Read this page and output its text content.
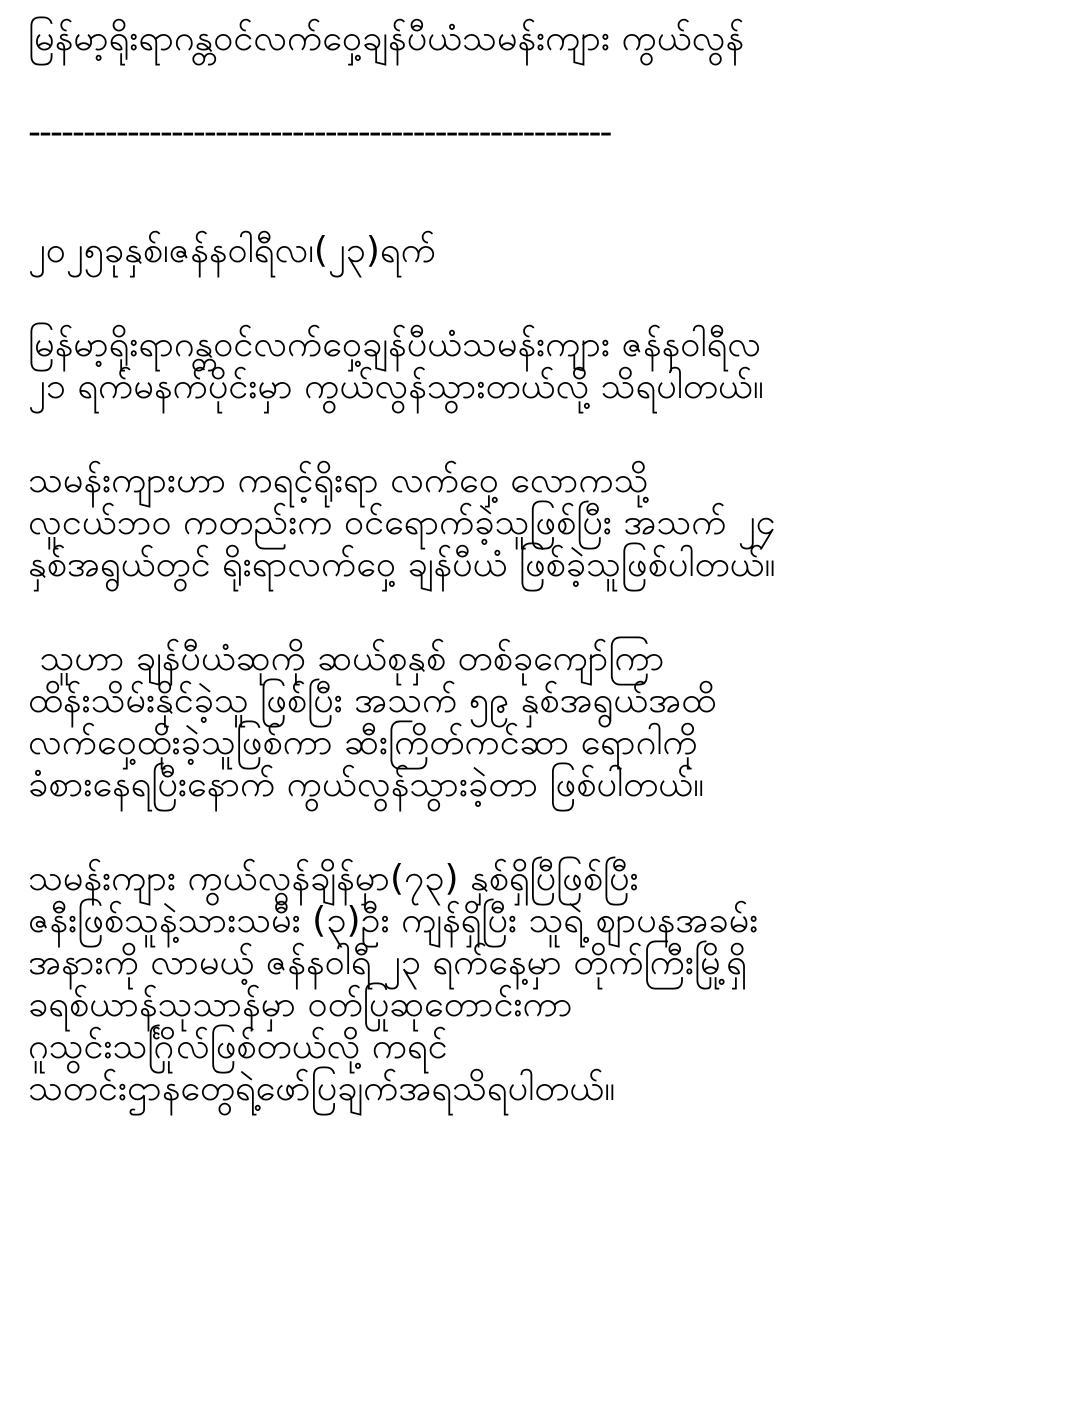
မြန်မာ့ရိုးရာဂန္တဝင်လက်ဝှေ့ချန်ပီယံသမန်းကျား ကွယ်လွန်
-----------------------------------------------------
၂၀၂၅ခုနှစ်၊ဇန်နဝါရီလ၊(၂၃)ရက်
မြန်မာ့ရိုးရာဂန္တဝင်လက်ဝှေ့ချန်ပီယံသမန်းကျား ဇန်နဝါရီလ
၂၁ ရက်မနက်ပိုင်းမှာ ကွယ်လွန်သွားတယ်လို့ သိရပါတယ်။
သမန်းကျားဟာ ကရင့်ရိုးရာ လက်ဝှေ့ လောကသို့
လူငယ်ဘဝ ကတည်းက ဝင်ရောက်ခဲ့သူဖြစ်ပြီး အသက် ၂၄
နှစ်အရွယ်တွင် ရိုးရာလက်ဝှေ့ ချန်ပီယံ ဖြစ်ခဲ့သူဖြစ်ပါတယ်။
သူဟာ ချန်ပီယံဆုကို ဆယ်စုနှစ် တစ်ခုကျော်ကြာ
ထိန်းသိမ်းနိုင်ခဲ့သူ ဖြစ်ပြီး အသက် ၅၉ နှစ်အရွယ်အထိ
လက်ဝှေ့ထိုးခဲ့သူဖြစ်ကာ ဆီးကြိတ်ကင်ဆာ ရောဂါကို
ခံစားနေရပြီးနောက် ကွယ်လွန်သွားခဲ့တာ ဖြစ်ပါတယ်။
သမန်းကျား ကွယ်လွန်ချိန်မှာ(၇၃) နှစ်ရှိပြီဖြစ်ပြီး
ဇနီးဖြစ်သူနဲ့သားသမီး (၃)ဦး ကျန်ရှိပြီး သူရဲ့ စျာပနအခမ်း
အနားကို လာမယ့် ဇန်နဝါရီ ၂၃ ရက်နေ့မှာ တိုက်ကြီးမြို့ရှိ
ခရစ်ယာန်သုသာန်မှာ ဝတ်ပြုဆုတောင်းကာ
ဂူသွင်းသင်္ဂြိုလ်ဖြစ်တယ်လို့ ကရင်
သတင်းဌာနတွေရဲ့ဖော်ပြချက်အရသိရပါတယ်။
